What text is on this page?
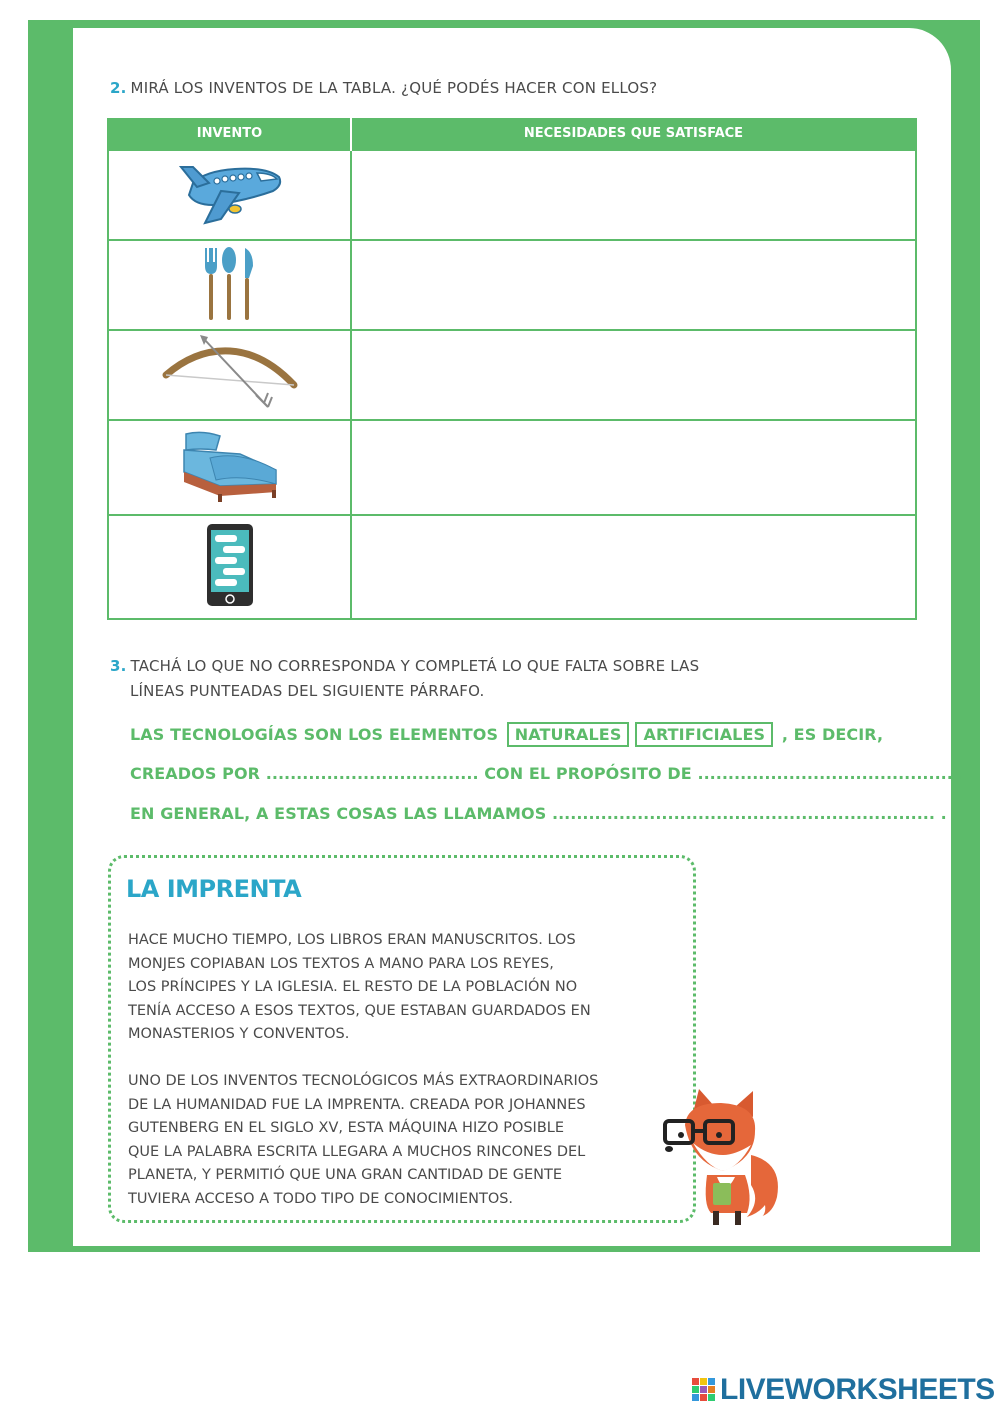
2. MIRÁ LOS INVENTOS DE LA TABLA. ¿QUÉ PODÉS HACER CON ELLOS?
INVENTO	NECESIDADES QUE SATISFACE

3. TACHÁ LO QUE NO CORRESPONDA Y COMPLETÁ LO QUE FALTA SOBRE LAS
LÍNEAS PUNTEADAS DEL SIGUIENTE PÁRRAFO.
LAS TECNOLOGÍAS SON LOS ELEMENTOS NATURALES ARTIFICIALES , ES DECIR,
CREADOS POR ................................... CON EL PROPÓSITO DE .......................................... .
EN GENERAL, A ESTAS COSAS LAS LLAMAMOS ............................................................... .
LA IMPRENTA
HACE MUCHO TIEMPO, LOS LIBROS ERAN MANUSCRITOS. LOS
MONJES COPIABAN LOS TEXTOS A MANO PARA LOS REYES,
LOS PRÍNCIPES Y LA IGLESIA. EL RESTO DE LA POBLACIÓN NO
TENÍA ACCESO A ESOS TEXTOS, QUE ESTABAN GUARDADOS EN
MONASTERIOS Y CONVENTOS.
UNO DE LOS INVENTOS TECNOLÓGICOS MÁS EXTRAORDINARIOS
DE LA HUMANIDAD FUE LA IMPRENTA. CREADA POR JOHANNES
GUTENBERG EN EL SIGLO XV, ESTA MÁQUINA HIZO POSIBLE
QUE LA PALABRA ESCRITA LLEGARA A MUCHOS RINCONES DEL
PLANETA, Y PERMITIÓ QUE UNA GRAN CANTIDAD DE GENTE
TUVIERA ACCESO A TODO TIPO DE CONOCIMIENTOS.
LIVEWORKSHEETS
